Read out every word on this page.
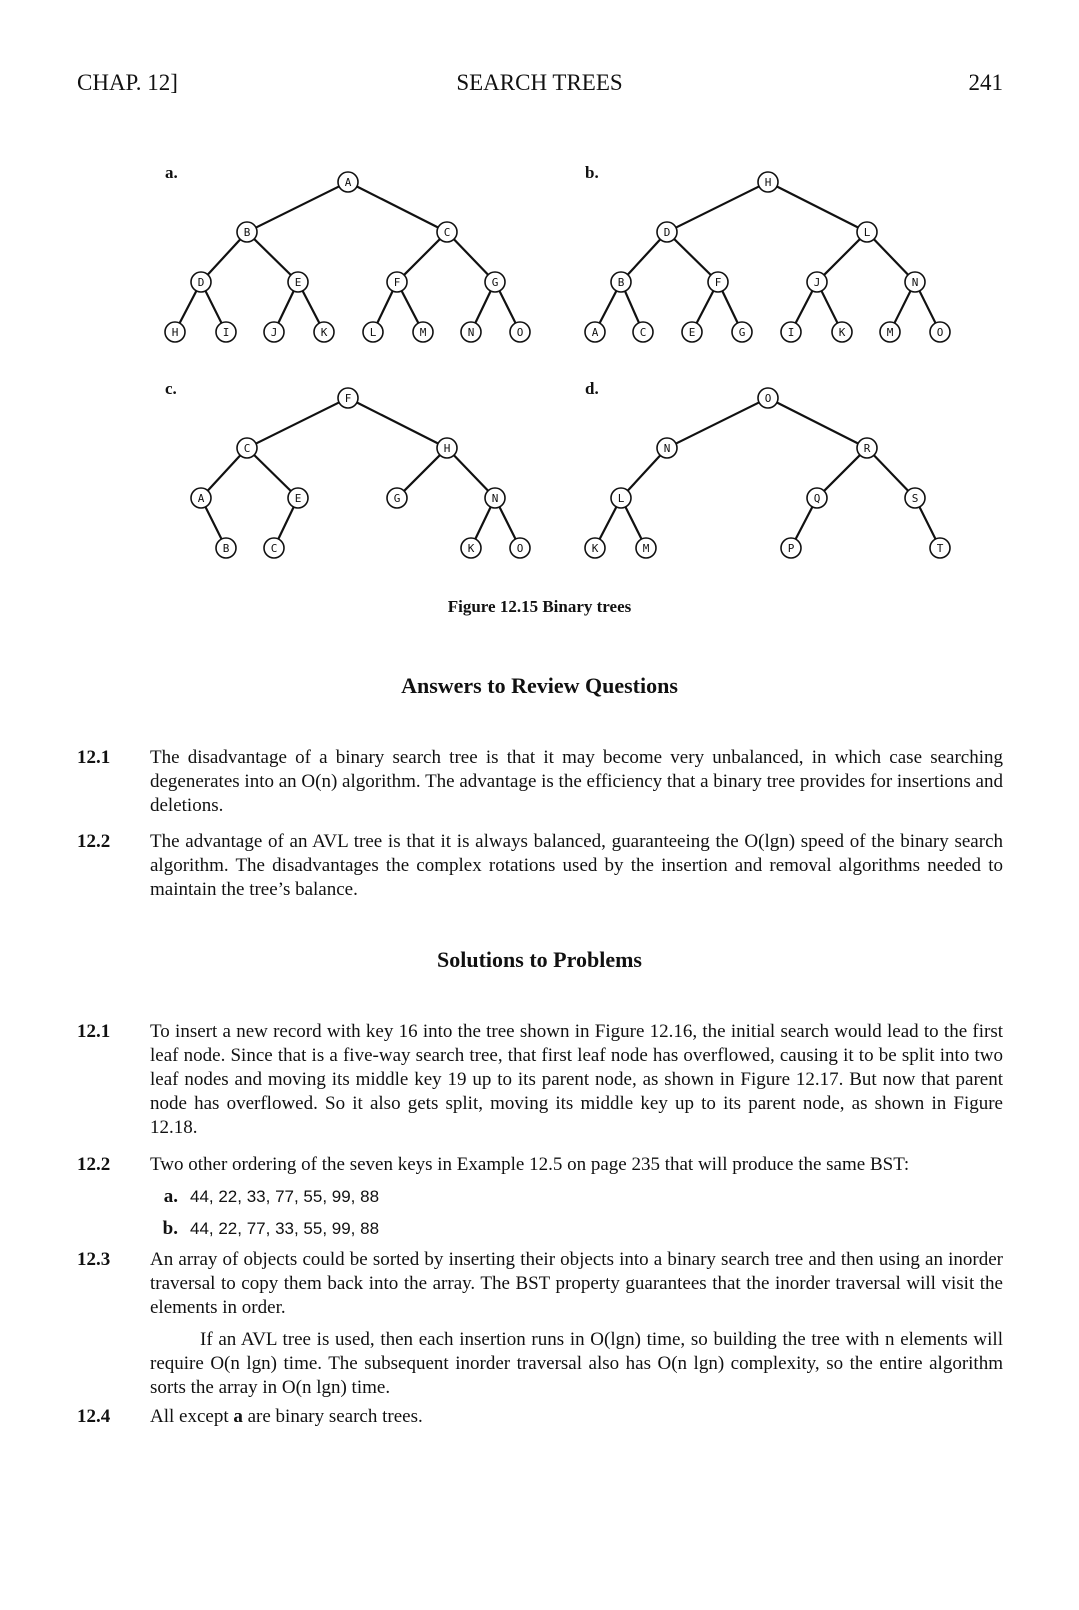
CHAP. 12]	SEARCH TREES	241
a.
A
B	C
D	E	F	G
H	I	J	K	L	M	N	O
b.
H
D	L
B	F	J	N
A	C	E	G	I	K	M	O
c.
F
C	H
A	E	G	N
B	C	K	O
d.
O
N	R
L	Q	S
K	M	P	T
Figure 12.15 Binary trees
Answers to Review Questions
12.1 The disadvantage of a binary search tree is that it may become very unbalanced, in which case searching degenerates into an O(n) algorithm. The advantage is the efficiency that a binary tree provides for insertions and deletions.

12.2 The advantage of an AVL tree is that it is always balanced, guaranteeing the O(lgn) speed of the binary search algorithm. The disadvantages the complex rotations used by the insertion and removal algorithms needed to maintain the tree’s balance.

Solutions to Problems
12.1 To insert a new record with key 16 into the tree shown in Figure 12.16, the initial search would lead to the first leaf node. Since that is a five-way search tree, that first leaf node has overflowed, causing it to be split into two leaf nodes and moving its middle key 19 up to its parent node, as shown in Figure 12.17. But now that parent node has overflowed. So it also gets split, moving its middle key up to its parent node, as shown in Figure 12.18.

12.2 Two other ordering of the seven keys in Example 12.5 on page 235 that will produce the same BST:

a. 44, 22, 33, 77, 55, 99, 88
b. 44, 22, 77, 33, 55, 99, 88
12.3 An array of objects could be sorted by inserting their objects into a binary search tree and then using an inorder traversal to copy them back into the array. The BST property guarantees that the inorder traversal will visit the elements in order.

If an AVL tree is used, then each insertion runs in O(lgn) time, so building the tree with n elements will require O(n lgn) time. The subsequent inorder traversal also has O(n lgn) complexity, so the entire algorithm sorts the array in O(n lgn) time.

12.4 All except a are binary search trees.
